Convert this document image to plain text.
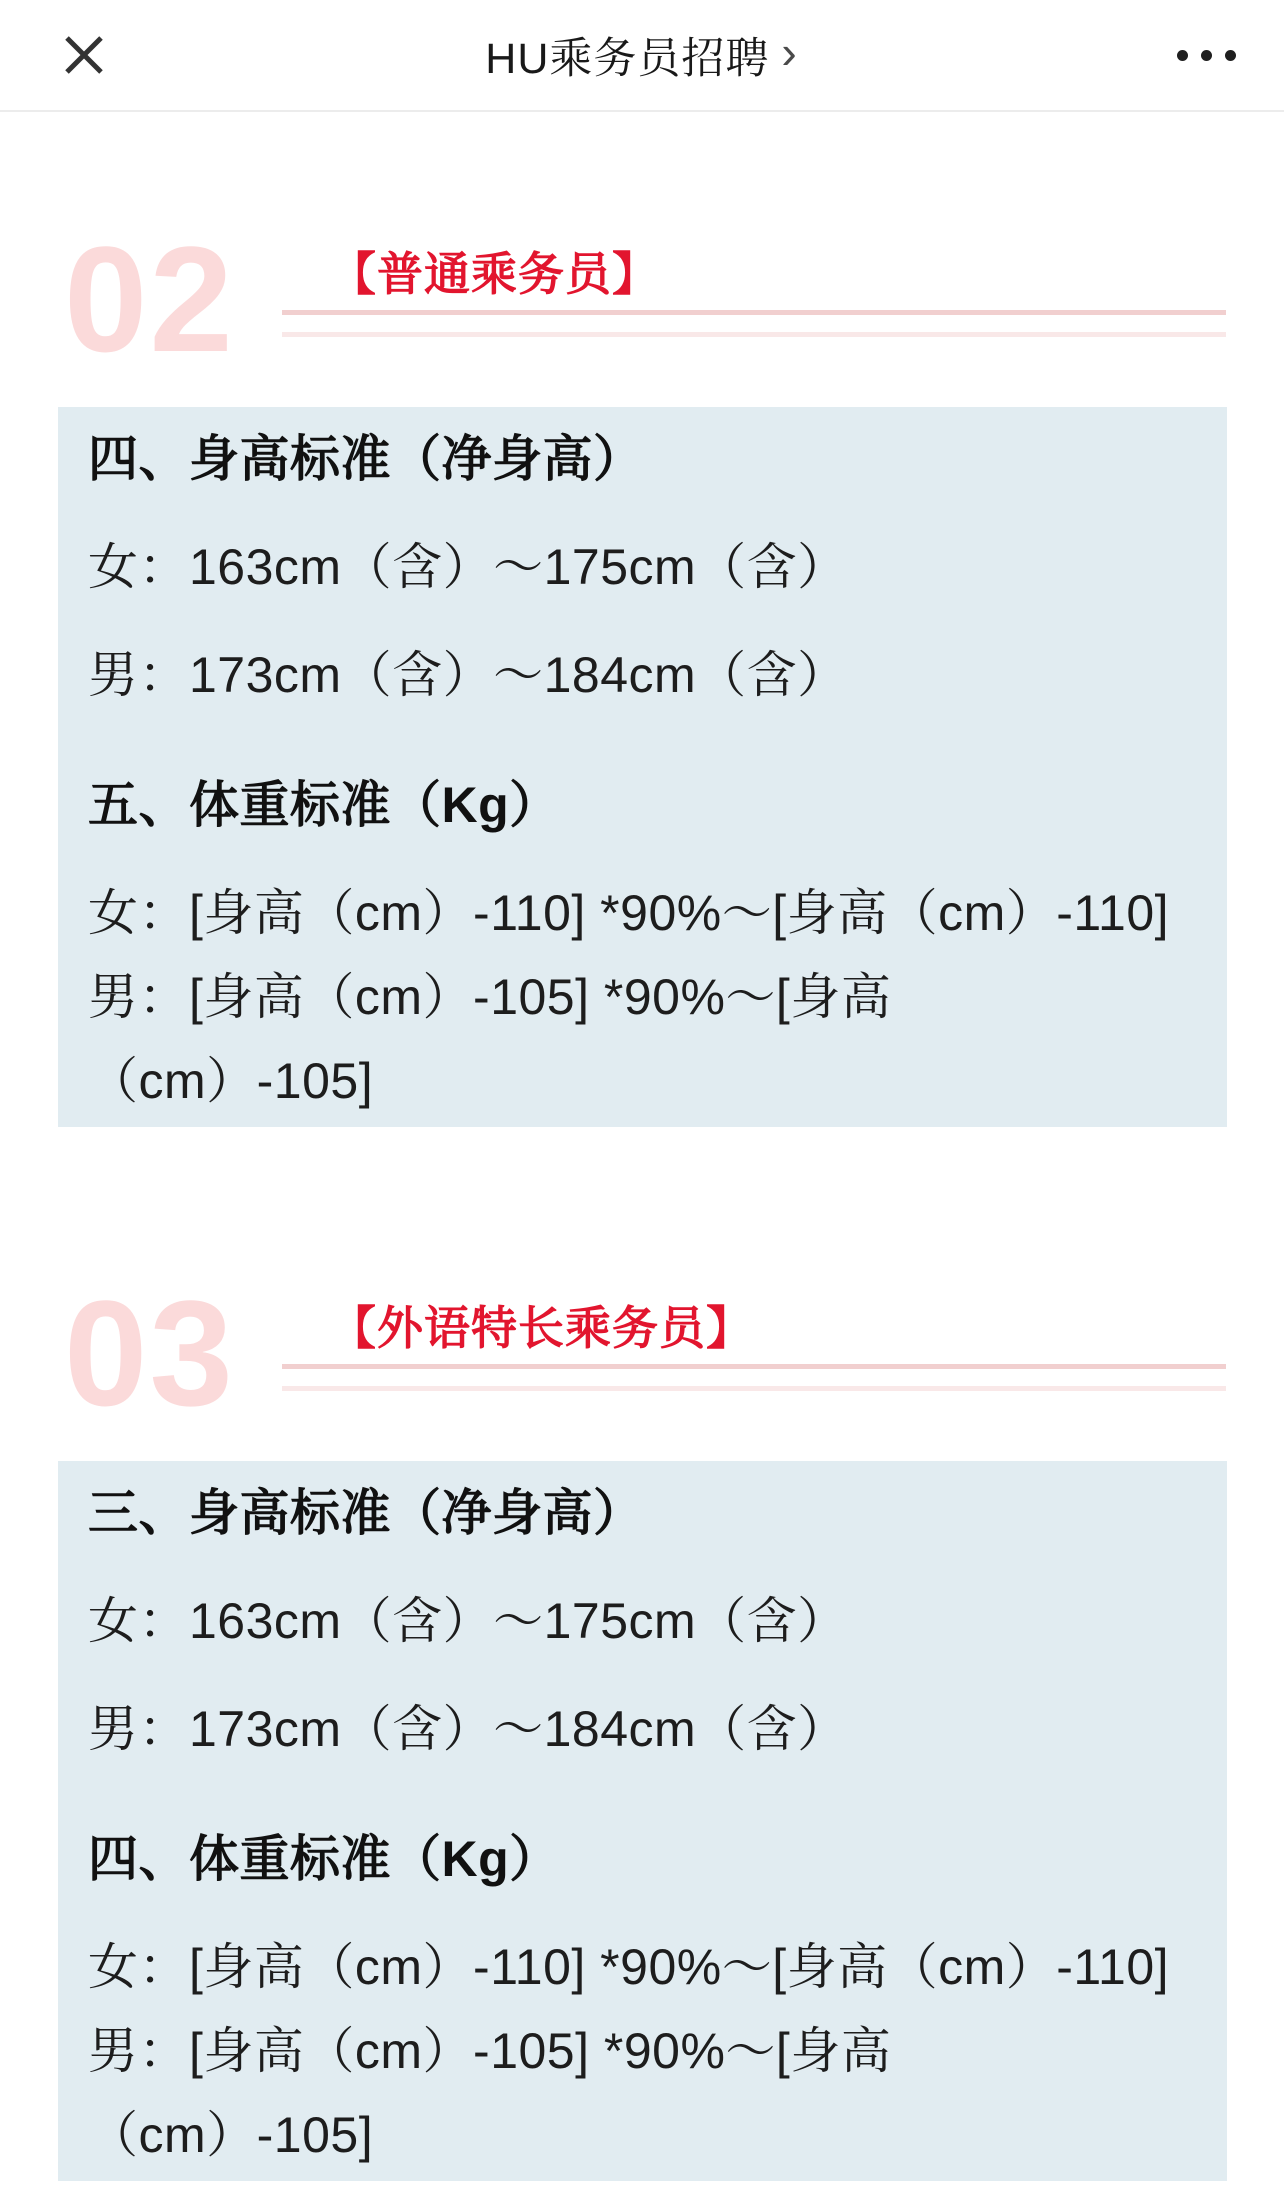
HU乘务员招聘 ›
02 【普通乘务员】

四、身高标准（净身高）

女：163cm（含）～175cm（含）

男：173cm（含）～184cm（含）

五、体重标准（Kg）

女：[身高（cm）-110] *90%～[身高（cm）-110]

男：[身高（cm）-105] *90%～[身高

（cm）-105]

03 【外语特长乘务员】

三、身高标准（净身高）

女：163cm（含）～175cm（含）

男：173cm（含）～184cm（含）

四、体重标准（Kg）

女：[身高（cm）-110] *90%～[身高（cm）-110]

男：[身高（cm）-105] *90%～[身高

（cm）-105]
